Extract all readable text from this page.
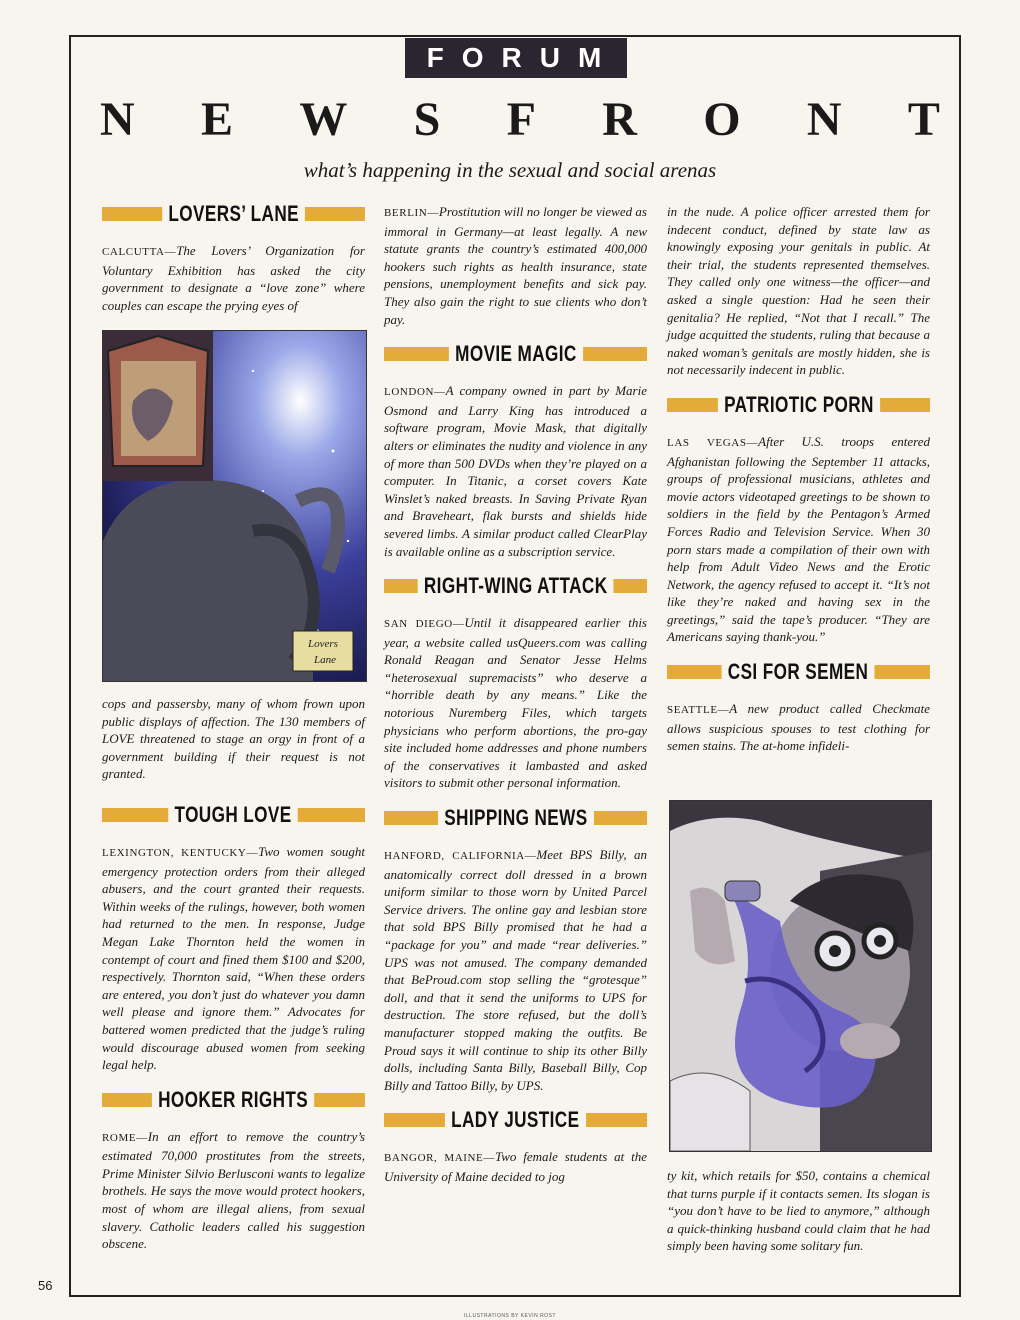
FORUM
N E W S F R O N T
what’s happening in the sexual and social arenas
LOVERS’ LANE

CALCUTTA—The Lovers’ Organization for Voluntary Exhibition has asked the city government to designate a “love zone” where couples can escape the prying eyes of

Lovers
Lane

cops and passersby, many of whom frown upon public displays of affection. The 130 members of LOVE threatened to stage an orgy in front of a government building if their request is not granted.

TOUGH LOVE

LEXINGTON, KENTUCKY—Two women sought emergency protection orders from their alleged abusers, and the court granted their requests. Within weeks of the rulings, however, both women had returned to the men. In response, Judge Megan Lake Thornton held the women in contempt of court and fined them $100 and $200, respectively. Thornton said, “When these orders are entered, you don’t just do whatever you damn well please and ignore them.” Advocates for battered women predicted that the judge’s ruling would discourage abused women from seeking legal help.

HOOKER RIGHTS

ROME—In an effort to remove the country’s estimated 70,000 prostitutes from the streets, Prime Minister Silvio Berlusconi wants to legalize brothels. He says the move would protect hookers, most of whom are illegal aliens, from sexual slavery. Catholic leaders called his suggestion obscene.

BERLIN—Prostitution will no longer be viewed as immoral in Germany—at least legally. A new statute grants the country’s estimated 400,000 hookers such rights as health insurance, state pensions, unemployment benefits and sick pay. They also gain the right to sue clients who don’t pay.

MOVIE MAGIC

LONDON—A company owned in part by Marie Osmond and Larry King has introduced a software program, Movie Mask, that digitally alters or eliminates the nudity and violence in any of more than 500 DVDs when they’re played on a computer. In Titanic, a corset covers Kate Winslet’s naked breasts. In Saving Private Ryan and Braveheart, flak bursts and shields hide severed limbs. A similar product called ClearPlay is available online as a subscription service.

RIGHT-WING ATTACK

SAN DIEGO—Until it disappeared earlier this year, a website called usQueers.com was calling Ronald Reagan and Senator Jesse Helms “heterosexual supremacists” who deserve a “horrible death by any means.” Like the notorious Nuremberg Files, which targets physicians who perform abortions, the pro-gay site included home addresses and phone numbers of the conservatives it lambasted and asked visitors to submit other personal information.

SHIPPING NEWS

HANFORD, CALIFORNIA—Meet BPS Billy, an anatomically correct doll dressed in a brown uniform similar to those worn by United Parcel Service drivers. The online gay and lesbian store that sold BPS Billy promised that he had a “package for you” and made “rear deliveries.” UPS was not amused. The company demanded that BeProud.com stop selling the “grotesque” doll, and that it send the uniforms to UPS for destruction. The store refused, but the doll’s manufacturer stopped making the outfits. Be Proud says it will continue to ship its other Billy dolls, including Santa Billy, Baseball Billy, Cop Billy and Tattoo Billy, by UPS.

LADY JUSTICE

BANGOR, MAINE—Two female students at the University of Maine decided to jog

in the nude. A police officer arrested them for indecent conduct, defined by state law as knowingly exposing your genitals in public. At their trial, the students represented themselves. They called only one witness—the officer—and asked a single question: Had he seen their genitalia? He replied, “Not that I recall.” The judge acquitted the students, ruling that because a naked woman’s genitals are mostly hidden, she is not necessarily indecent in public.

PATRIOTIC PORN

LAS VEGAS—After U.S. troops entered Afghanistan following the September 11 attacks, groups of professional musicians, athletes and movie actors videotaped greetings to be shown to soldiers in the field by the Pentagon’s Armed Forces Radio and Television Service. When 30 porn stars made a compilation of their own with help from Adult Video News and the Erotic Network, the agency refused to accept it. “It’s not like they’re naked and having sex in the greetings,” said the tape’s producer. “They are Americans saying thank-you.”

CSI FOR SEMEN

SEATTLE—A new product called Checkmate allows suspicious spouses to test clothing for semen stains. The at-home infideli-

ty kit, which retails for $50, contains a chemical that turns purple if it contacts semen. Its slogan is “you don’t have to be lied to anymore,” although a quick-thinking husband could claim that he had simply been having some solitary fun.

56
ILLUSTRATIONS BY KEVIN ROST
